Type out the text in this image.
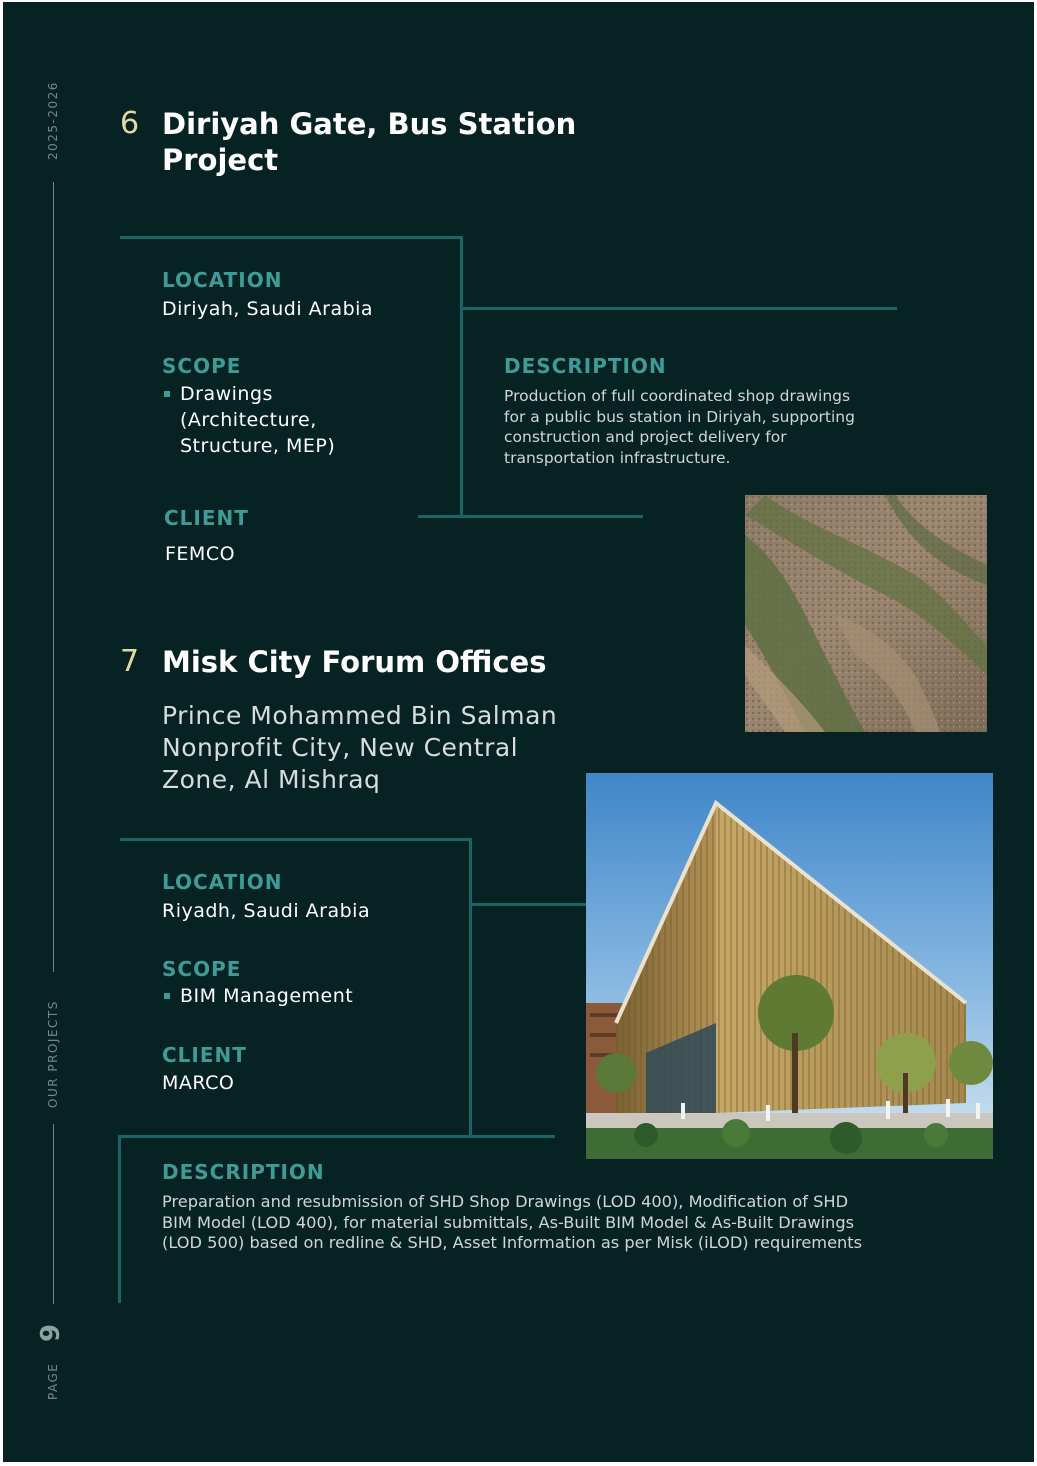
2025-2026
OUR PROJECTS
9
PAGE
6 Diriyah Gate, Bus Station
Project
LOCATION
Diriyah, Saudi Arabia
SCOPE
Drawings
(Architecture,
Structure, MEP)
CLIENT
FEMCO
DESCRIPTION
Production of full coordinated shop drawings
for a public bus station in Diriyah, supporting
construction and project delivery for
transportation infrastructure.
7 Misk City Forum Offices
Prince Mohammed Bin Salman
Nonprofit City, New Central
Zone, Al Mishraq
LOCATION
Riyadh, Saudi Arabia
SCOPE
BIM Management
CLIENT
MARCO
DESCRIPTION
Preparation and resubmission of SHD Shop Drawings (LOD 400), Modification of SHD
BIM Model (LOD 400), for material submittals, As-Built BIM Model & As-Built Drawings
(LOD 500) based on redline & SHD, Asset Information as per Misk (iLOD) requirements
